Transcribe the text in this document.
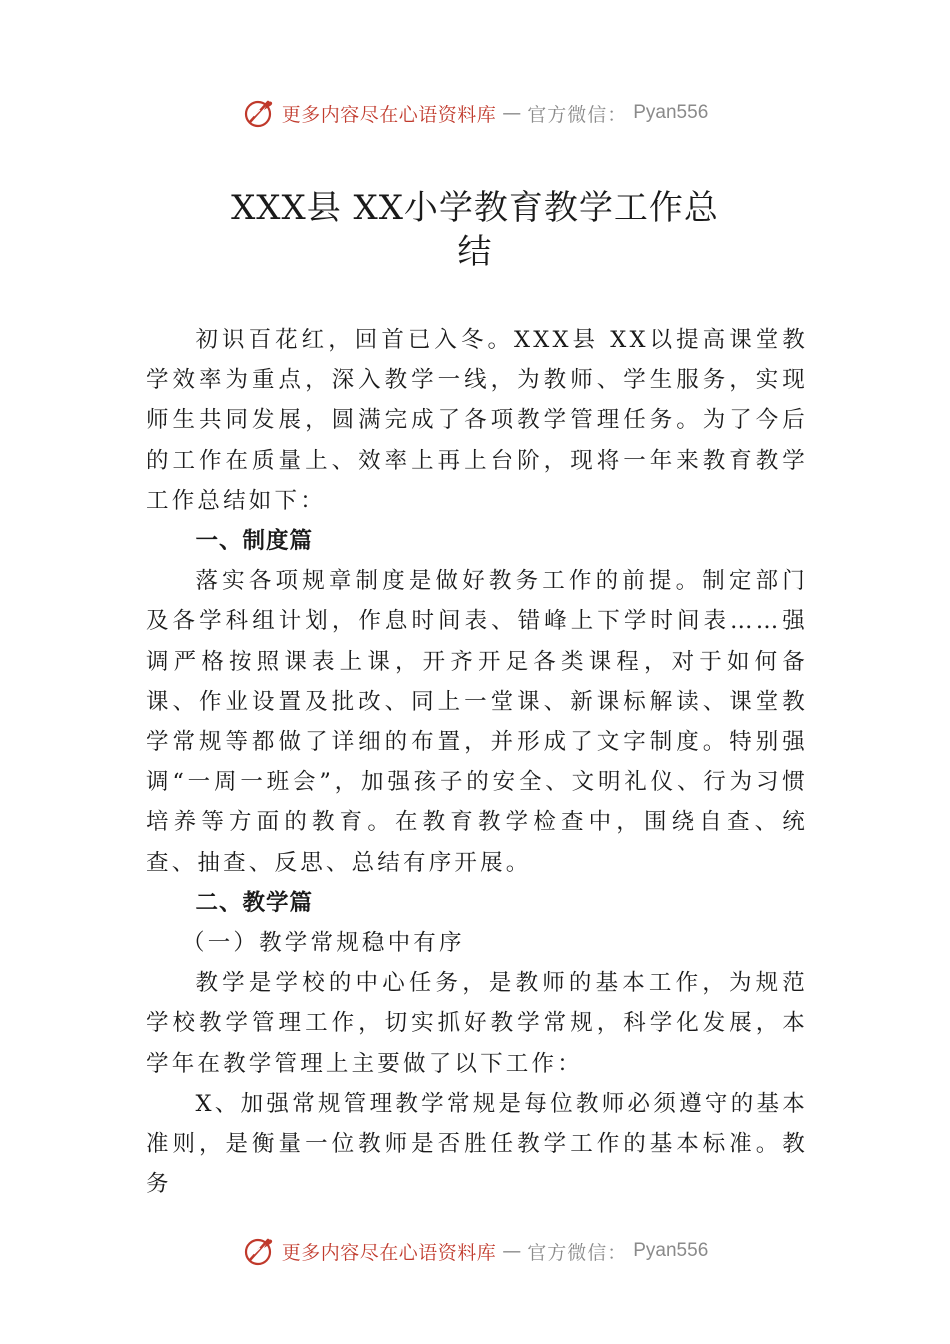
更多内容尽在心语资料库 — 官方微信： Pyan556
XXX县 XX小学教育教学工作总
结

初识百花红，回首已入冬。XXX县 XX以提高课堂教学效率为重点，深入教学一线，为教师、学生服务，实现师生共同发展，圆满完成了各项教学管理任务。为了今后的工作在质量上、效率上再上台阶，现将一年来教育教学工作总结如下：

一、制度篇

落实各项规章制度是做好教务工作的前提。制定部门及各学科组计划，作息时间表、错峰上下学时间表……强调严格按照课表上课，开齐开足各类课程，对于如何备课、作业设置及批改、同上一堂课、新课标解读、课堂教学常规等都做了详细的布置，并形成了文字制度。特别强调“一周一班会”，加强孩子的安全、文明礼仪、行为习惯培养等方面的教育。在教育教学检查中，围绕自查、统查、抽查、反思、总结有序开展。

二、教学篇

（一）教学常规稳中有序

教学是学校的中心任务，是教师的基本工作，为规范学校教学管理工作，切实抓好教学常规，科学化发展，本学年在教学管理上主要做了以下工作：

X、加强常规管理教学常规是每位教师必须遵守的基本准则，是衡量一位教师是否胜任教学工作的基本标准。教务

更多内容尽在心语资料库 — 官方微信： Pyan556
